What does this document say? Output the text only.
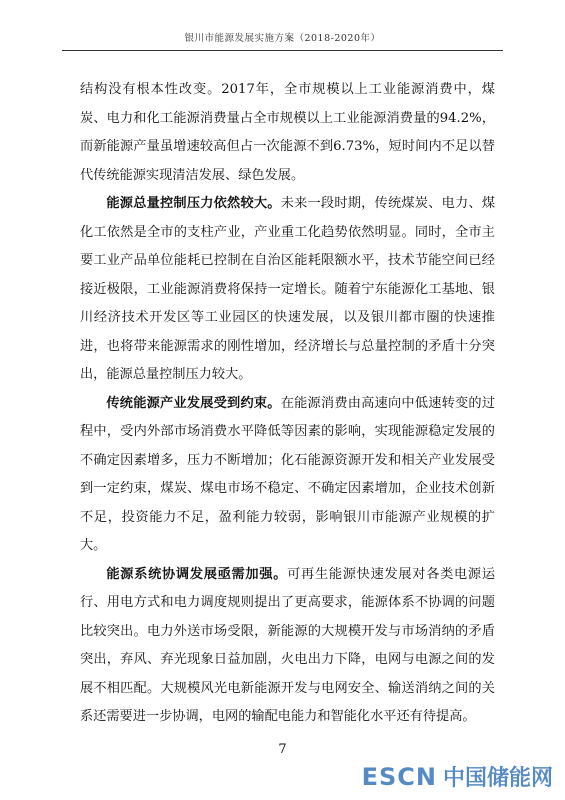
银川市能源发展实施方案（2018-2020年）

结构没有根本性改变。2017年，全市规模以上工业能源消费中，煤炭、电力和化工能源消费量占全市规模以上工业能源消费量的94.2%，而新能源产量虽增速较高但占一次能源不到6.73%，短时间内不足以替代传统能源实现清洁发展、绿色发展。

能源总量控制压力依然较大。未来一段时期，传统煤炭、电力、煤化工依然是全市的支柱产业，产业重工化趋势依然明显。同时，全市主要工业产品单位能耗已控制在自治区能耗限额水平，技术节能空间已经接近极限，工业能源消费将保持一定增长。随着宁东能源化工基地、银川经济技术开发区等工业园区的快速发展，以及银川都市圈的快速推进，也将带来能源需求的刚性增加，经济增长与总量控制的矛盾十分突出，能源总量控制压力较大。

传统能源产业发展受到约束。在能源消费由高速向中低速转变的过程中，受内外部市场消费水平降低等因素的影响，实现能源稳定发展的不确定因素增多，压力不断增加；化石能源资源开发和相关产业发展受到一定约束，煤炭、煤电市场不稳定、不确定因素增加，企业技术创新不足，投资能力不足，盈利能力较弱，影响银川市能源产业规模的扩大。

能源系统协调发展亟需加强。可再生能源快速发展对各类电源运行、用电方式和电力调度规则提出了更高要求，能源体系不协调的问题比较突出。电力外送市场受限，新能源的大规模开发与市场消纳的矛盾突出，弃风、弃光现象日益加剧，火电出力下降，电网与电源之间的发展不相匹配。大规模风光电新能源开发与电网安全、输送消纳之间的关系还需要进一步协调，电网的输配电能力和智能化水平还有待提高。

7
ESCN 中国储能网
